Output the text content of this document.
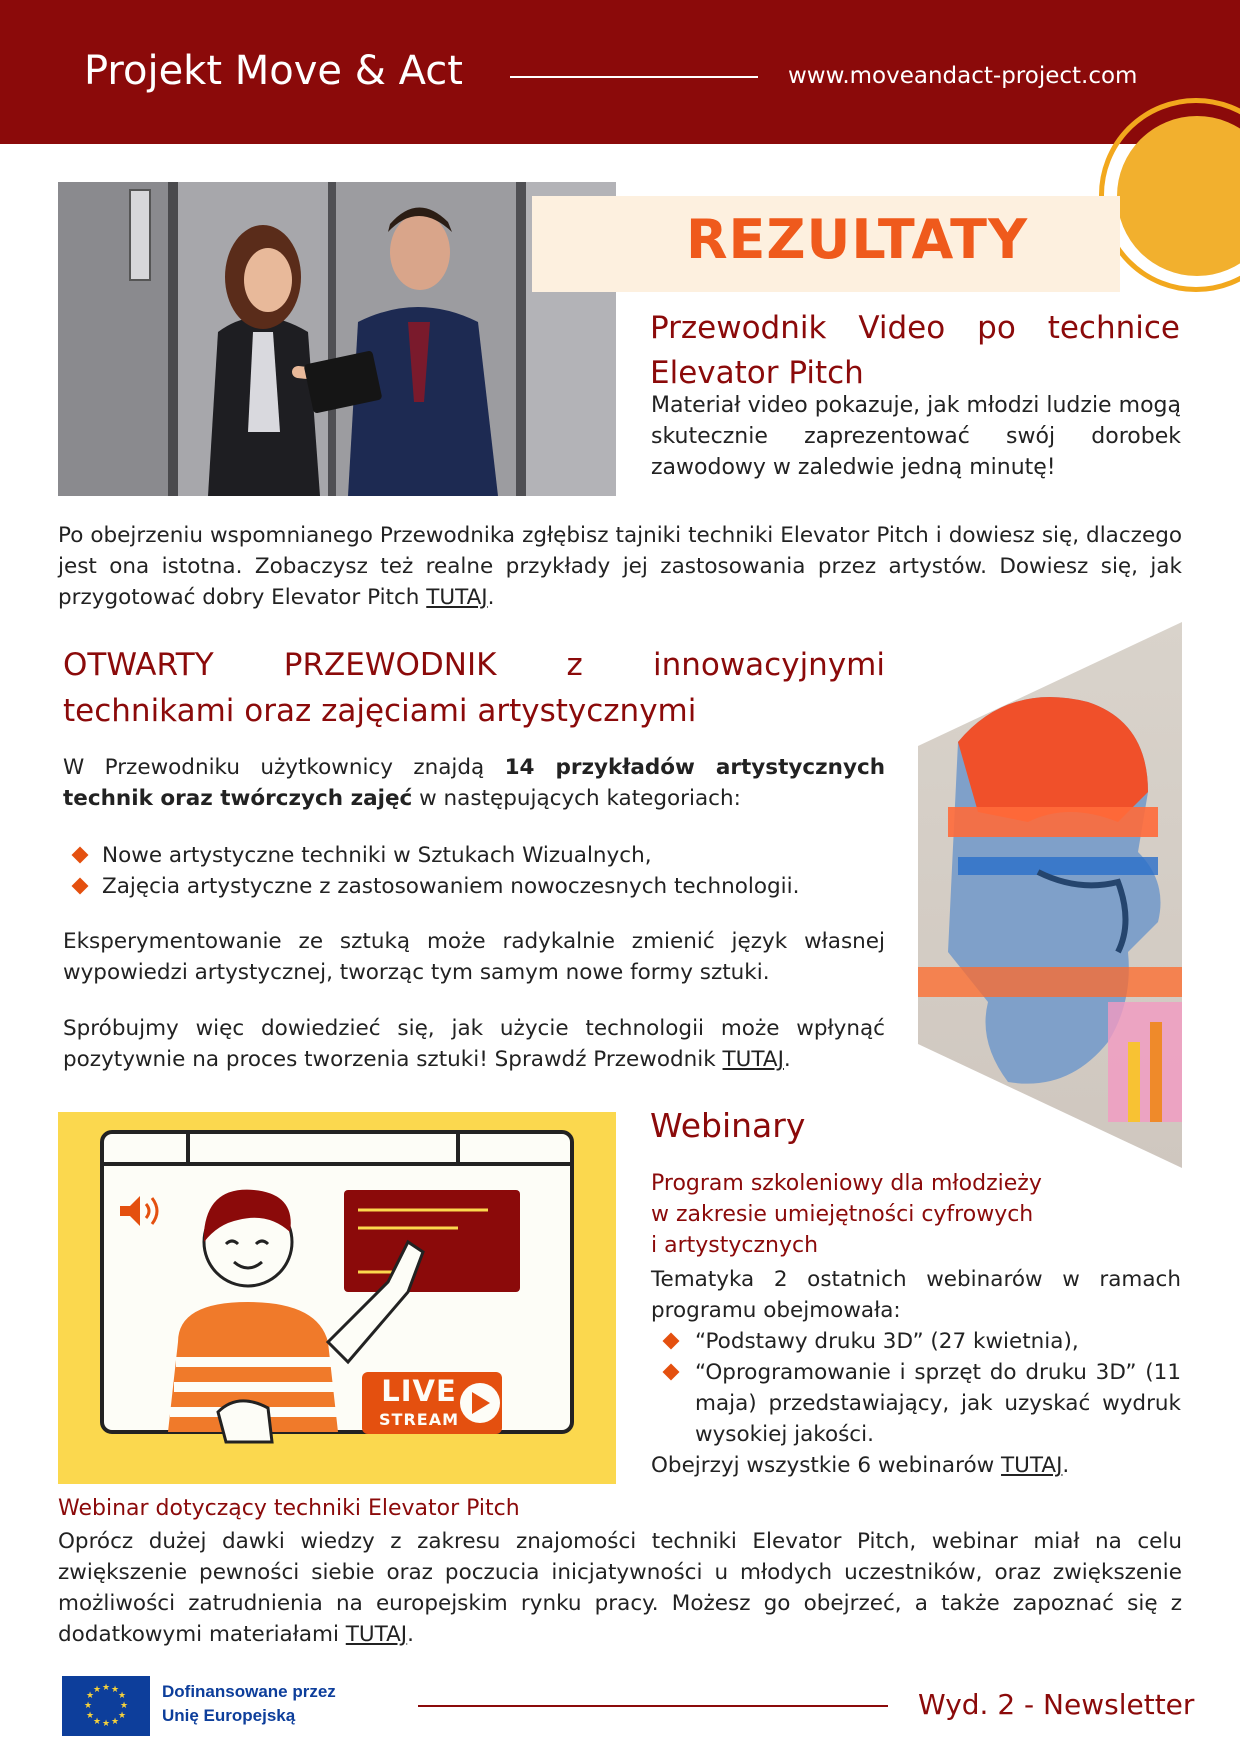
Projekt Move & Act	www.moveandact-project.com
REZULTATY
Przewodnik Video po technice Elevator Pitch
Materiał video pokazuje, jak młodzi ludzie mogą skutecznie zaprezentować swój dorobek zawodowy w zaledwie jedną minutę!
Po obejrzeniu wspomnianego Przewodnika zgłębisz tajniki techniki Elevator Pitch i dowiesz się, dlaczego jest ona istotna. Zobaczysz też realne przykłady jej zastosowania przez artystów. Dowiesz się, jak przygotować dobry Elevator Pitch TUTAJ.
OTWARTY PRZEWODNIK z innowacyjnymi
technikami oraz zajęciami artystycznymi
W Przewodniku użytkownicy znajdą 14 przykładów artystycznych technik oraz twórczych zajęć w następujących kategoriach:
Nowe artystyczne techniki w Sztukach Wizualnych,
Zajęcia artystyczne z zastosowaniem nowoczesnych technologii.
Eksperymentowanie ze sztuką może radykalnie zmienić język własnej wypowiedzi artystycznej, tworząc tym samym nowe formy sztuki.
Spróbujmy więc dowiedzieć się, jak użycie technologii może wpłynąć pozytywnie na proces tworzenia sztuki! Sprawdź Przewodnik TUTAJ.
LIVE
STREAM
Webinary
Program szkoleniowy dla młodzieży
w zakresie umiejętności cyfrowych
i artystycznych
Tematyka 2 ostatnich webinarów w ramach programu obejmowała:
“Podstawy druku 3D” (27 kwietnia),
“Oprogramowanie i sprzęt do druku 3D” (11 maja) przedstawiający, jak uzyskać wydruk wysokiej jakości.
Obejrzyj wszystkie 6 webinarów TUTAJ.
Webinar dotyczący techniki Elevator Pitch
Oprócz dużej dawki wiedzy z zakresu znajomości techniki Elevator Pitch, webinar miał na celu zwiększenie pewności siebie oraz poczucia inicjatywności u młodych uczestników, oraz zwiększenie możliwości zatrudnienia na europejskim rynku pracy. Możesz go obejrzeć, a także zapoznać się z dodatkowymi materiałami TUTAJ.
★ ★
★
★
★
★
★
★
★
★
★
★	Dofinansowane przez
Unię Europejską	Wyd. 2 - Newsletter
